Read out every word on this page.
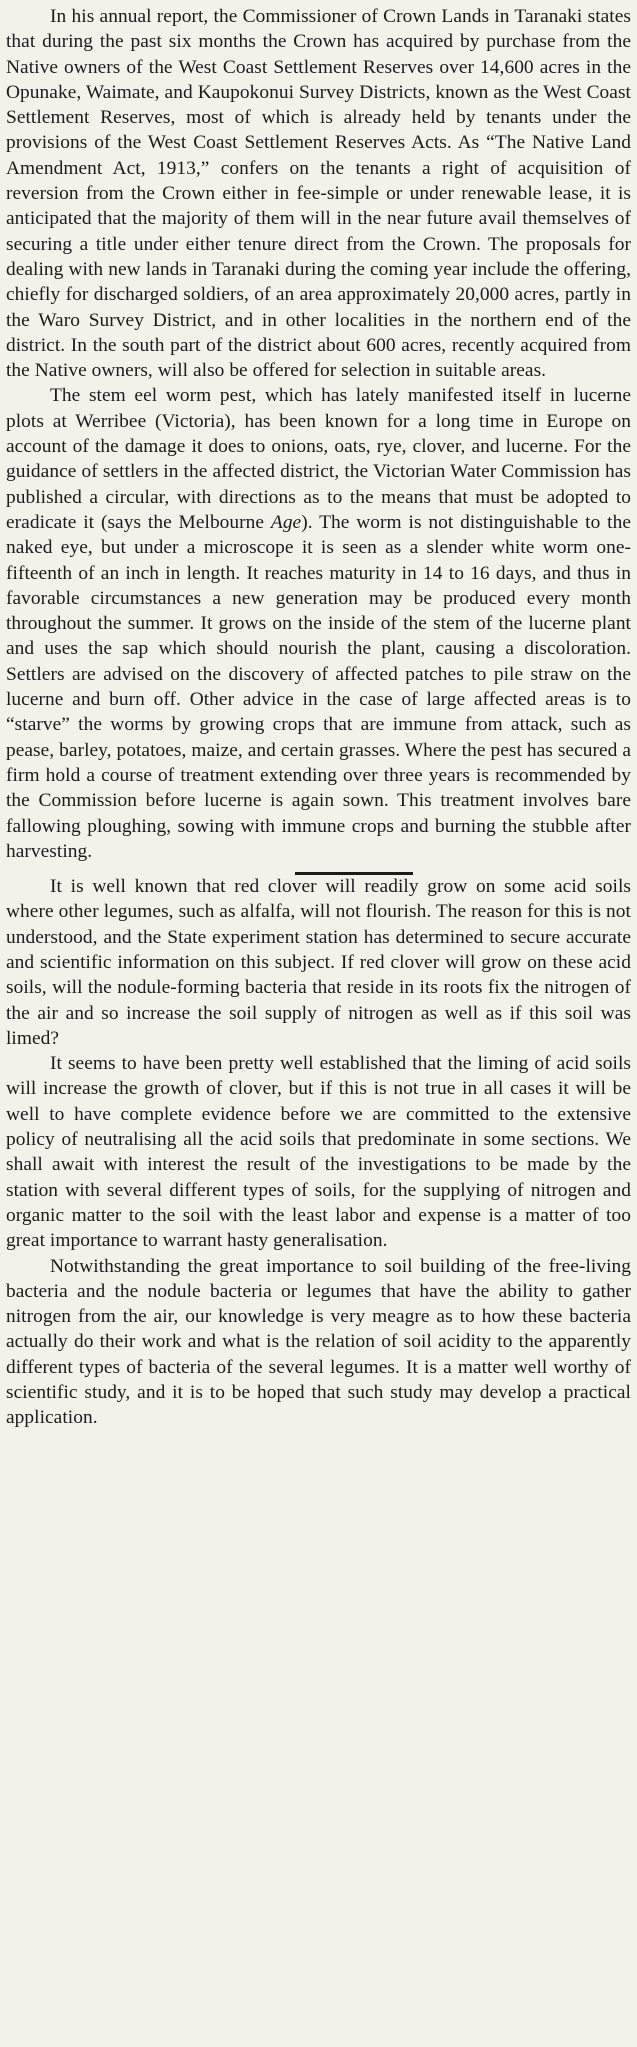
In his annual report, the Commissioner of Crown Lands in Taranaki states that during the past six months the Crown has acquired by purchase from the Native owners of the West Coast Settlement Reserves over 14,600 acres in the Opunake, Waimate, and Kaupokonui Survey Districts, known as the West Coast Settlement Reserves, most of which is already held by tenants under the provisions of the West Coast Settlement Reserves Acts. As “The Native Land Amendment Act, 1913,” confers on the tenants a right of acquisition of reversion from the Crown either in fee-simple or under renewable lease, it is anticipated that the majority of them will in the near future avail themselves of securing a title under either tenure direct from the Crown. The proposals for dealing with new lands in Taranaki during the coming year include the offering, chiefly for discharged soldiers, of an area approximately 20,000 acres, partly in the Waro Survey District, and in other localities in the northern end of the district. In the south part of the district about 600 acres, recently acquired from the Native owners, will also be offered for selection in suitable areas.

The stem eel worm pest, which has lately manifested itself in lucerne plots at Werribee (Victoria), has been known for a long time in Europe on account of the damage it does to onions, oats, rye, clover, and lucerne. For the guidance of settlers in the affected district, the Victorian Water Commission has published a circular, with directions as to the means that must be adopted to eradicate it (says the Melbourne Age). The worm is not distinguishable to the naked eye, but under a microscope it is seen as a slender white worm one-fifteenth of an inch in length. It reaches maturity in 14 to 16 days, and thus in favorable circumstances a new generation may be produced every month throughout the summer. It grows on the inside of the stem of the lucerne plant and uses the sap which should nourish the plant, causing a discoloration. Settlers are advised on the discovery of affected patches to pile straw on the lucerne and burn off. Other advice in the case of large affected areas is to “starve” the worms by growing crops that are immune from attack, such as pease, barley, potatoes, maize, and certain grasses. Where the pest has secured a firm hold a course of treatment extending over three years is recommended by the Commission before lucerne is again sown. This treatment involves bare fallowing ploughing, sowing with immune crops and burning the stubble after harvesting.

It is well known that red clover will readily grow on some acid soils where other legumes, such as alfalfa, will not flourish. The reason for this is not understood, and the State experiment station has determined to secure accurate and scientific information on this subject. If red clover will grow on these acid soils, will the nodule-forming bacteria that reside in its roots fix the nitrogen of the air and so increase the soil supply of nitrogen as well as if this soil was limed?

It seems to have been pretty well established that the liming of acid soils will increase the growth of clover, but if this is not true in all cases it will be well to have complete evidence before we are committed to the extensive policy of neutralising all the acid soils that predominate in some sections. We shall await with interest the result of the investigations to be made by the station with several different types of soils, for the supplying of nitrogen and organic matter to the soil with the least labor and expense is a matter of too great importance to warrant hasty generalisation.

Notwithstanding the great importance to soil building of the free-living bacteria and the nodule bacteria or legumes that have the ability to gather nitrogen from the air, our knowledge is very meagre as to how these bacteria actually do their work and what is the relation of soil acidity to the apparently different types of bacteria of the several legumes. It is a matter well worthy of scientific study, and it is to be hoped that such study may develop a practical application.
